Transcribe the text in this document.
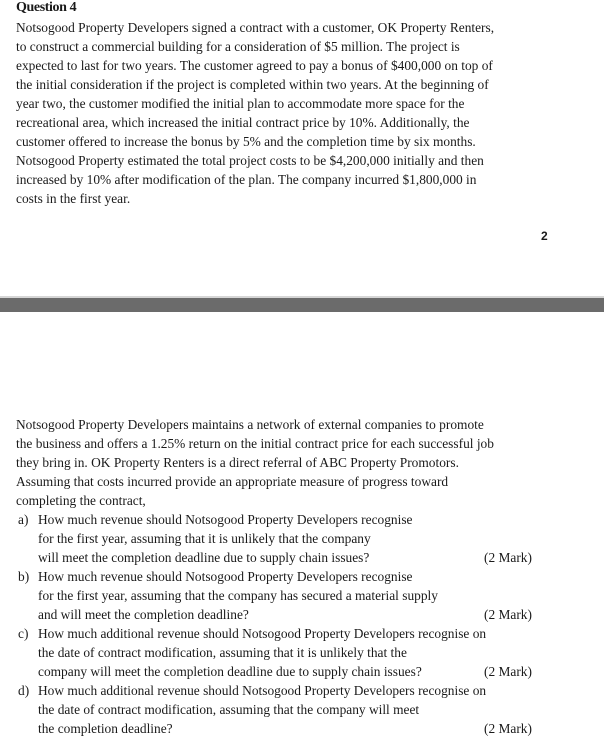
Question 4
Notsogood Property Developers signed a contract with a customer, OK Property Renters,
to construct a commercial building for a consideration of $5 million. The project is
expected to last for two years. The customer agreed to pay a bonus of $400,000 on top of
the initial consideration if the project is completed within two years. At the beginning of
year two, the customer modified the initial plan to accommodate more space for the
recreational area, which increased the initial contract price by 10%. Additionally, the
customer offered to increase the bonus by 5% and the completion time by six months.
Notsogood Property estimated the total project costs to be $4,200,000 initially and then
increased by 10% after modification of the plan. The company incurred $1,800,000 in
costs in the first year.
2
Notsogood Property Developers maintains a network of external companies to promote
the business and offers a 1.25% return on the initial contract price for each successful job
they bring in. OK Property Renters is a direct referral of ABC Property Promotors.
Assuming that costs incurred provide an appropriate measure of progress toward
completing the contract,
a) How much revenue should Notsogood Property Developers recognise
for the first year, assuming that it is unlikely that the company
will meet the completion deadline due to supply chain issues?	(2 Mark)
b) How much revenue should Notsogood Property Developers recognise
for the first year, assuming that the company has secured a material supply
and will meet the completion deadline?	(2 Mark)
c) How much additional revenue should Notsogood Property Developers recognise on
the date of contract modification, assuming that it is unlikely that the
company will meet the completion deadline due to supply chain issues?	(2 Mark)
d) How much additional revenue should Notsogood Property Developers recognise on
the date of contract modification, assuming that the company will meet
the completion deadline?	(2 Mark)
